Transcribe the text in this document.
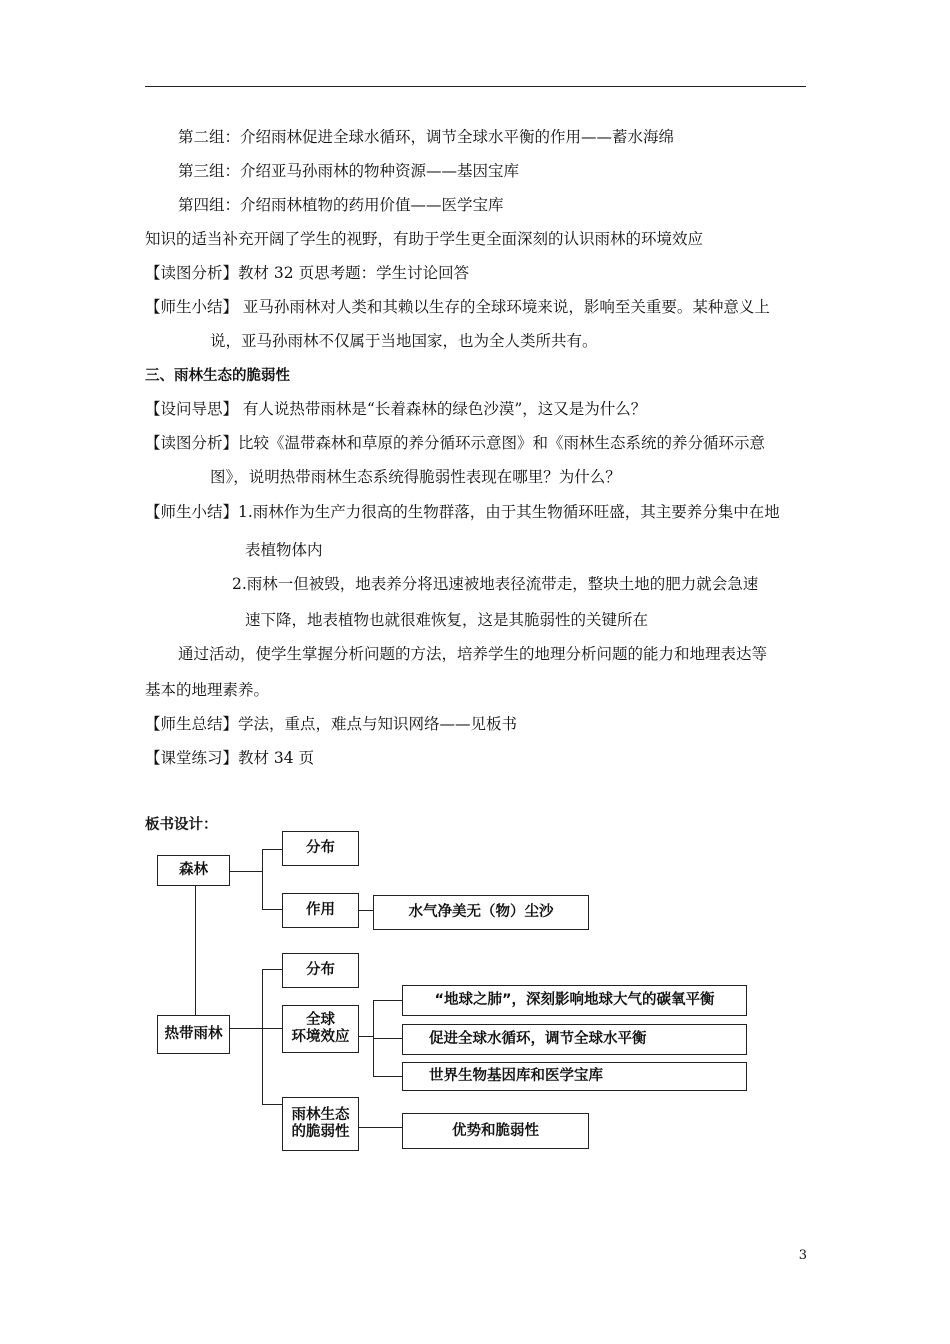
第二组：介绍雨林促进全球水循环，调节全球水平衡的作用——蓄水海绵
第三组：介绍亚马孙雨林的物种资源——基因宝库
第四组：介绍雨林植物的药用价值——医学宝库
知识的适当补充开阔了学生的视野，有助于学生更全面深刻的认识雨林的环境效应
【读图分析】教材 32 页思考题：学生讨论回答
【师生小结】 亚马孙雨林对人类和其赖以生存的全球环境来说，影响至关重要。某种意义上
说，亚马孙雨林不仅属于当地国家，也为全人类所共有。
三、雨林生态的脆弱性
【设问导思】 有人说热带雨林是“长着森林的绿色沙漠”，这又是为什么？
【读图分析】比较《温带森林和草原的养分循环示意图》和《雨林生态系统的养分循环示意
图》，说明热带雨林生态系统得脆弱性表现在哪里？为什么？
【师生小结】1.雨林作为生产力很高的生物群落，由于其生物循环旺盛，其主要养分集中在地
表植物体内
2.雨林一但被毁，地表养分将迅速被地表径流带走，整块土地的肥力就会急速
速下降，地表植物也就很难恢复，这是其脆弱性的关键所在
通过活动，使学生掌握分析问题的方法，培养学生的地理分析问题的能力和地理表达等
基本的地理素养。
【师生总结】学法，重点，难点与知识网络——见板书
【课堂练习】教材 34 页
板书设计：
森林
分布
作用	水气净美无（物）尘沙
热带雨林
分布
全球
环境效应
“地球之肺”，深刻影响地球大气的碳氧平衡
促进全球水循环，调节全球水平衡
世界生物基因库和医学宝库
雨林生态
的脆弱性	优势和脆弱性
3
